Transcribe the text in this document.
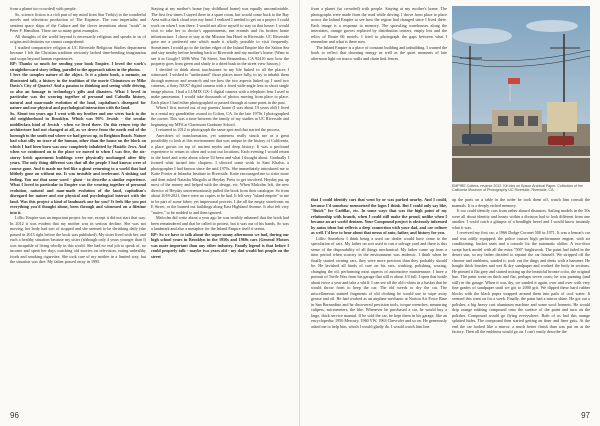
from a planet too crowded) with people.

So, science fiction is a rich part of my mind from Star Trek(s) to the wonderful novels and television production of The Expanse. The vast imperialist and sentient space ships of the Culture and the clever inventions about "souls" in Peter F. Hamilton. There are so many great examples.

All thoughts of the world beyond is necessarily religious and speaks to us of origins and destinies we cannot comprehend.

I studied comparative religion at UC Riverside Religious Studies department because I felt the Christian tradition seriously lacked time-bending imagination and scope beyond human experiences.

RP: Thanks so much for sending your book Empire. I loved the work's straightforward story telling, parallel to the approach taken in the photos.

I love the complex nature of the object. Is it a photo book, a memoir, an illustrated talk, a history in the tradition of the movie Chinatown or Mike Davis's City of Quartz? And a passion to thinking and seeing while driving, so also an homage to technology's gifts and disasters. What I loved in particular was the weaving together of personal and Cahuilla history, natural and man-made evolution of the land, capitalism's disregard for nature and our physical and psychological interaction with the land.

So. About ten years ago I went with my brother and our wives back to the old neighborhood in Brooklyn. Which was 90% Jewish - the secular middleclass kind of Jewish - when we lived there. On this return trip the architecture had not changed at all, as we drove from the north end of the borough to the south end where we had grown up, in Brighton Beach. Nature had what silly no trace of the human, other than the house on the block on which I had been born was now completely inhabited by Hasidic Jews. And when we continued on to the place we moved to when I was five, the six-storey brick apartment buildings were physically unchanged after fifty years. The only thing different was that all the people I had known were of course gone. And it made me feel like a ghost returning to a world that had blithely gone on without me. It was invisible and irrelevant. A sinking sad feeling. You use that same word - ghost - to describe a similar experience. What I loved in particular in Empire was the weaving together of personal evolution, natural and man-made evolution of the land, capitalism's disregard for nature and our physical and psychological interact with the land. Was this project a kind of landmark one for you? It feels like you put everything you'd thought about, been through and witnessed on a lifetime into it.

Lillis: Empire was an important project for me, except it did not start that way. In 2012 it was evident that my mother was in serious decline. She was not moving, her body had sort of stopped and she seemed to be shrinking daily (she passed in 2013 right before the book was published). My sister lived with her, and each a healthy situation because my sister (although only 4 years younger than I) was incapable of living wholly in this world. She had no real job to speak of, no income and spent her days watching old movies on television, eating unhealthy foods and smoking cigarettes. She took care of my mother in a limited way, but the situation was dire. My father passed away in 1995.

Staying at my mother's home (my childhood home) was equally uncomfortable. The first few times I stayed there in a spare room, but would come back to the Bay Area with a dark cloud over my head. I realized I needed to get on a project I could work on when I was there. I would not allow myself to stay in that house. I would visit to take her to doctor's appointments, run errands and fix broken home infrastructure. I chose to stay at the Mission Inn Hotel in Riverside. UC Riverside gave me a preferred rate which made it wholly possible to visit frequently. Sometimes I would go to the farther edges of the Inland Empire like the Salton Sea and stay nearby before heading back to Riverside and my mother's home. (Want to see it in Google? 2696 West 7th Street, San Bernardino, CA 92410 now how the property goes from green and shady to a dried husk in the street view history.)

I decided to think about touchstones in my life linked to all the places I witnessed. I wished to "understand" those places more fully, to try to inhabit them through memory and research and see how the two aspects linked up. I used two cameras, a Sony NEX7 digital camera with a fixed wide-angle lens to shoot single image photos. I had a LUMIX GX-1 digital camera with a telephoto lens I used to make panoramas. I would take thousands of photos moving from place to place. Each place I had either photographed or passed through at some point in the past.

When I first moved out of my parents' home (I was about 19 years old) I lived in a rental my grandfather owned in Colton, CA. In the late 1970s I photographed the corner. This was a time between the family of my studies at UC Riverside and beginning my MFA at Claremont Graduate School.

I returned in 2012 to photograph the same spot and that started the process.

Anecdotes of transformation, yet sameness really struck me as a great possibility to look at this environment that was unique in the history of California, a place grown on top of ancient myths and deep history. It was a profound experience to return so often and scout out locations. Each evening I would return to the hotel and write about where I'd been and what I thought about. Gradually I formed what turned into chapters. I showed some work to Sant Khalsa, a photographer I had known since the mid 1970s. She immediately introduced me to Katie Poirier at Inlandia Institute in Riverside. Katie encouraged me to write more and then asked Natasha Margolis at Heyday Press to get involved. Heyday put up most of the money and helped with the design, etc. When Malcolm left, the new director of Heyday unceremoniously pulled the book from their catalogue. So from about 2018-2021, there were no copies to be had. It felt very "island empire" to me to be part of some fabric yet impersonal process. Like all the empty storefronts on E Street, or the burned out buildings along East Highland Avenue. It also felt very "native," to be nodded to and then ignored.

Malcolm did write about a year ago he was terribly ashamed that the book had been remaindered and that he called to protest, but it was out of his hands. So was a landmark and also a metaphor for the Inland Empire itself it seems.

RP: So we have to talk about the super sunny afternoons we had, during our high school years in Brooklyn in the 1950s and 1960s cars (General Motors was more important than any other industry. Family legend is that before I could properly talk - maybe two years old - my dad would hot people on the street

96	97

from a planet (so crowded) with people. Staying at my mother's home. The photographs were made from the road while driving. I drove from place to place across the Inland Empire to see how the region had changed since I lived there. Each image is a response to memory. The sprawling warehouses along the interstates, orange groves replaced by distribution centers, empty lots and the relics of Route 66 motels. I tried to photograph the gaps between what I remember and what is there now.

The Inland Empire is a place of constant building and unbuilding. I wanted the book to reflect that churning energy as well as the quiet moments of late afternoon light on stucco walls and chain link fences.

EMPIRE Coltera, reverse 2012. Kit Inks on Epson Archival Paper. Collection of the California Museum of Photography UC Riverside, Riverside, CA.

that I could identify cars that went by or was parked nearby. And I could, because I'd somehow memorized the logos I think. But I could only say like, "Buick" for Cadillac, etc. In some ways that was the high point of my relationship with brands, when I could still make the proud, unlike when I became an art world denizen. Your Compound project is obviously informed by autos ideas but reflects a deep connection with your dad, and car culture as well. I'd love to hear about that nexus of auto, father, and history for you.

Lillis: Somehow I think being a used car dealer would have come to the speculation of cars. My father on sort used to run a salvage yard and there is this sense of the disposability of all things mechanical. My father came up from a time period when scarcity in the environment was endemic. I think when he finally started owning cars, they were more precious than they probably should be. He lavished all kinds of care on his cars, washing, polishing, waxing, changing the oil, performing most aspects of automotive maintenance. I have a portrait of Turtle Wax from his garage that still is about 1/4 full. I open that bottle about twice a year and take a whiff. I can see all the old t-shirts in a basket that he would throw from to keep the car. The old weeds to dry the car. The miscellaneous stained fragments of old clothing he would use to wipe away grease and oil. He had worked as an airplane mechanic at Norton Air Force Base in San Bernardino and he discovered precision tools, torque wrenches, measuring calipers, micrometers, the like. Whenever he purchased a car, he would buy a large, thick service manual. If he sold the car, he kept them in his garage, like an encyclopedia: 1956 Mercury, 1960 VW, 1963 Chevrolet and so on. He generously asked me to help him, which I would gladly do. I would watch him line

up the parts on a table in the order he took them off, watch him consult the manuals. It is a deeply etched memory.

It too could identify cars from rather absurd distances. Sailing models in the 50s were all about identity and hearts within a division had to look different from one another. I could catch a glimpse of a headlight bezel and I would know instantly what it was.

I received my first car, a 1966 Dodge Coronet 500 in 1971. It was a lemon's car and was oddly equipped: the police cruiser high performance engine, with air conditioning, bucket seats and a console for the automatic shifter. A two-door swept back model with all the extra "500" brightwork. The paint had faded in the desert sun, so my father decided to repaint the car himself. We stripped off the chrome and emblems, sanded it, took out the dings and dents with a hammer. He bought thick brushes and wet & dry sandpaper and worked the body in sections. He primed it flat grey and started mixing up the beautiful bronze color, the original hue. The paint went on thick and flat, perhaps seven coats; he was painting (and still) in the garage. When it was dry, we sanded it again, over and over with very fine grades of sandpaper until we got to 2000 grit. We dipped these hard rubber blocks with the black paper wrapped around them into pails of cool water. It seemed this went on for a week. Finally, the paint had a mirror shine. He got out a polisher, a big heavy cast aluminum machine and some wool bonnets. He would drip orange rubbing compound onto the surface of the paint and turn on the polisher. Compound would go flying everywhere. Both of us had this orange splatted hides. The compound then started getting on finer and finer grits. At the end the car looked like a mirror: a much better finish than was put on at the factory. Then all the emblems would go on. I can't easily describe the
